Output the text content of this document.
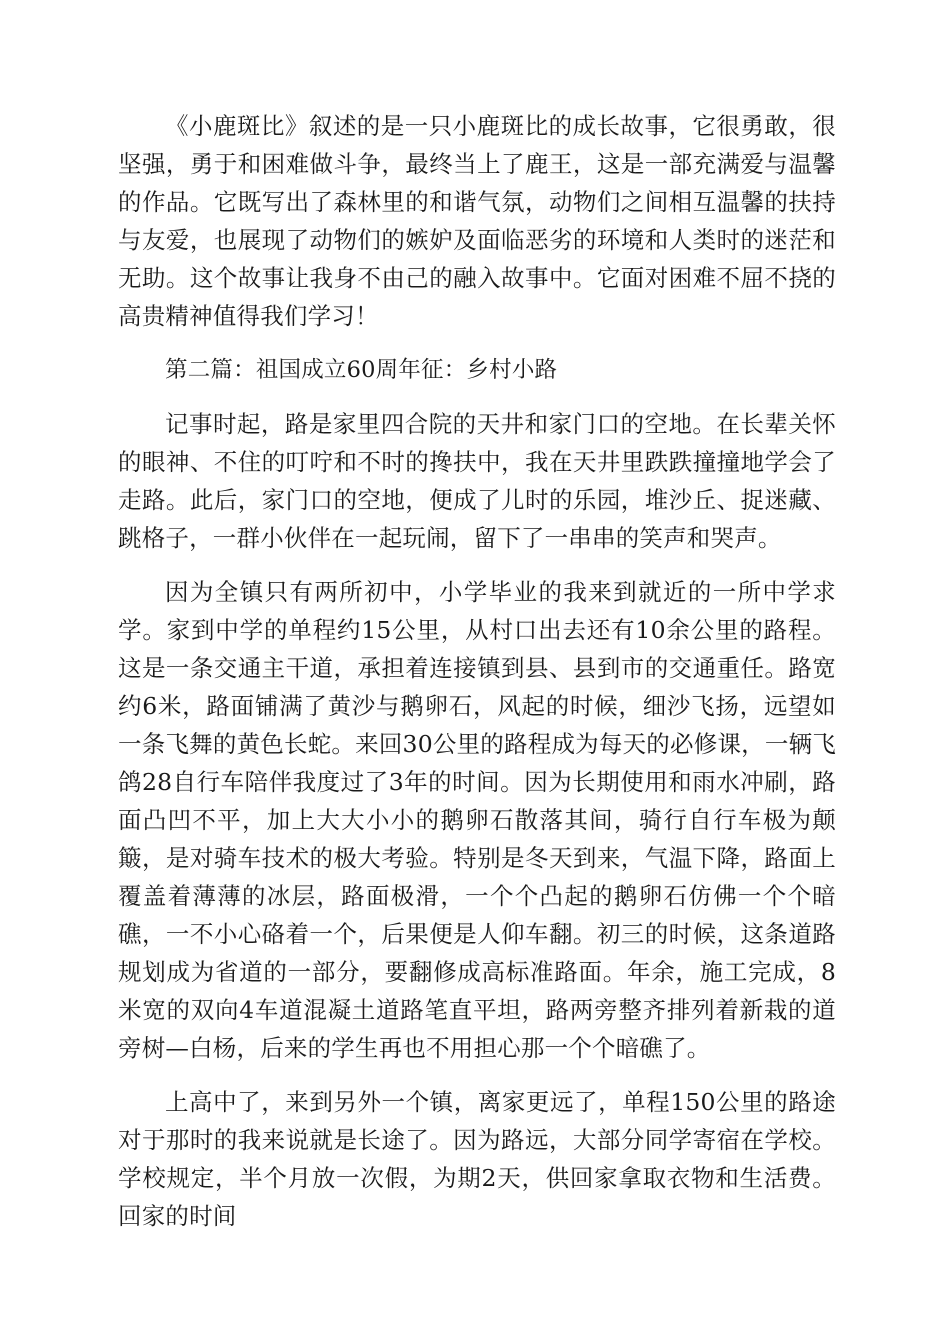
《小鹿斑比》叙述的是一只小鹿斑比的成长故事，它很勇敢，很坚强，勇于和困难做斗争，最终当上了鹿王，这是一部充满爱与温馨的作品。它既写出了森林里的和谐气氛，动物们之间相互温馨的扶持与友爱，也展现了动物们的嫉妒及面临恶劣的环境和人类时的迷茫和无助。这个故事让我身不由己的融入故事中。它面对困难不屈不挠的高贵精神值得我们学习！

第二篇：祖国成立60周年征：乡村小路

记事时起，路是家里四合院的天井和家门口的空地。在长辈关怀的眼神、不住的叮咛和不时的搀扶中，我在天井里跌跌撞撞地学会了走路。此后，家门口的空地，便成了儿时的乐园，堆沙丘、捉迷藏、跳格子，一群小伙伴在一起玩闹，留下了一串串的笑声和哭声。

因为全镇只有两所初中，小学毕业的我来到就近的一所中学求学。家到中学的单程约15公里，从村口出去还有10余公里的路程。这是一条交通主干道，承担着连接镇到县、县到市的交通重任。路宽约6米，路面铺满了黄沙与鹅卵石，风起的时候，细沙飞扬，远望如一条飞舞的黄色长蛇。来回30公里的路程成为每天的必修课，一辆飞鸽28自行车陪伴我度过了3年的时间。因为长期使用和雨水冲刷，路面凸凹不平，加上大大小小的鹅卵石散落其间，骑行自行车极为颠簸，是对骑车技术的极大考验。特别是冬天到来，气温下降，路面上覆盖着薄薄的冰层，路面极滑，一个个凸起的鹅卵石仿佛一个个暗礁，一不小心硌着一个，后果便是人仰车翻。初三的时候，这条道路规划成为省道的一部分，要翻修成高标准路面。年余，施工完成，8米宽的双向4车道混凝土道路笔直平坦，路两旁整齐排列着新栽的道旁树—白杨，后来的学生再也不用担心那一个个暗礁了。

上高中了，来到另外一个镇，离家更远了，单程150公里的路途对于那时的我来说就是长途了。因为路远，大部分同学寄宿在学校。学校规定，半个月放一次假，为期2天，供回家拿取衣物和生活费。回家的时间
